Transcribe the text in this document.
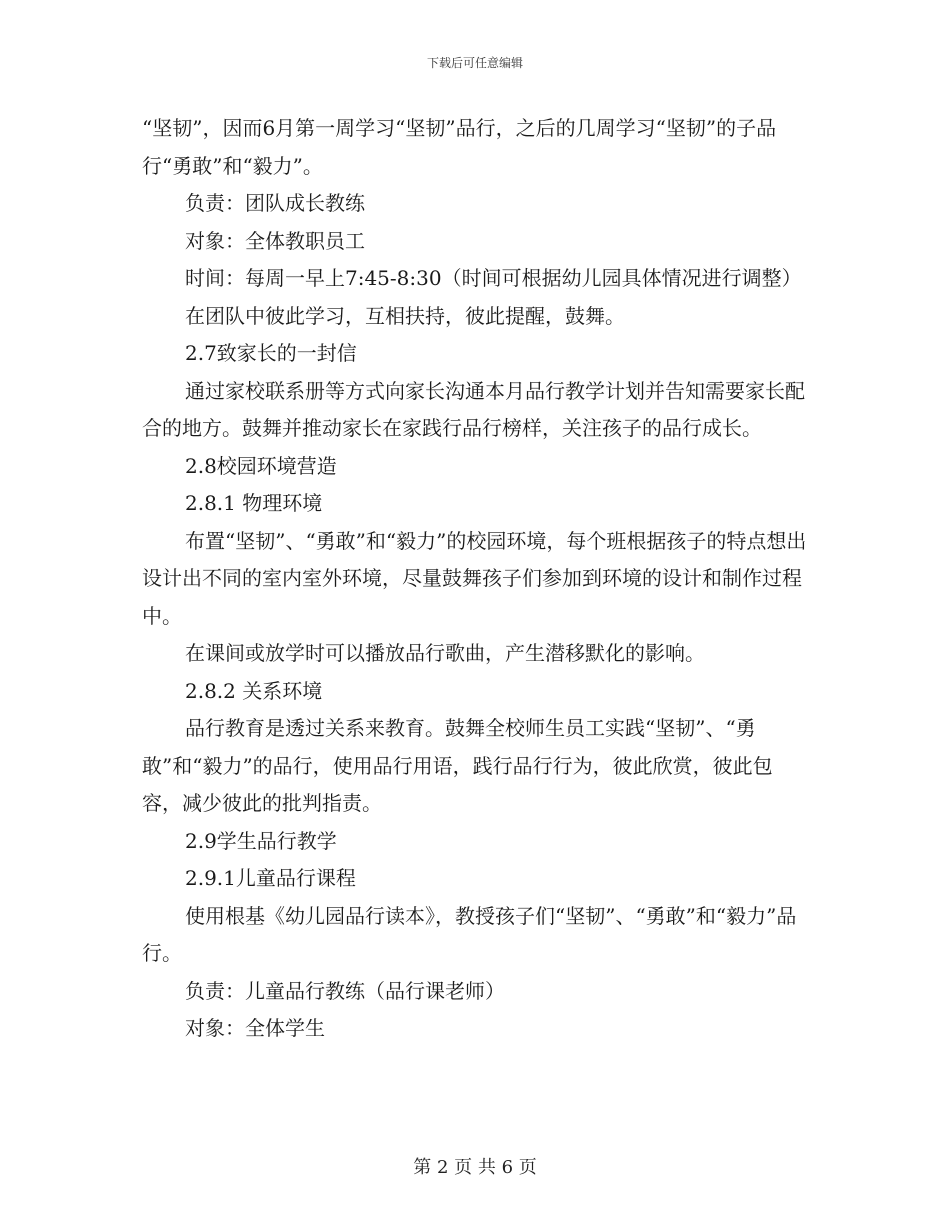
下载后可任意编辑

“坚韧”，因而6月第一周学习“坚韧”品行，之后的几周学习“坚韧”的子品行“勇敢”和“毅力”。

负责：团队成长教练

对象：全体教职员工

时间：每周一早上7:45-8:30（时间可根据幼儿园具体情况进行调整）

在团队中彼此学习，互相扶持，彼此提醒，鼓舞。

2.7致家长的一封信

通过家校联系册等方式向家长沟通本月品行教学计划并告知需要家长配合的地方。鼓舞并推动家长在家践行品行榜样，关注孩子的品行成长。

2.8校园环境营造

2.8.1 物理环境

布置“坚韧”、“勇敢”和“毅力”的校园环境，每个班根据孩子的特点想出设计出不同的室内室外环境，尽量鼓舞孩子们参加到环境的设计和制作过程中。

在课间或放学时可以播放品行歌曲，产生潜移默化的影响。

2.8.2 关系环境

品行教育是透过关系来教育。鼓舞全校师生员工实践“坚韧”、“勇敢”和“毅力”的品行，使用品行用语，践行品行行为，彼此欣赏，彼此包容，减少彼此的批判指责。

2.9学生品行教学

2.9.1儿童品行课程

使用根基《幼儿园品行读本》，教授孩子们“坚韧”、“勇敢”和“毅力”品行。

负责：儿童品行教练（品行课老师）

对象：全体学生

第 2 页 共 6 页
